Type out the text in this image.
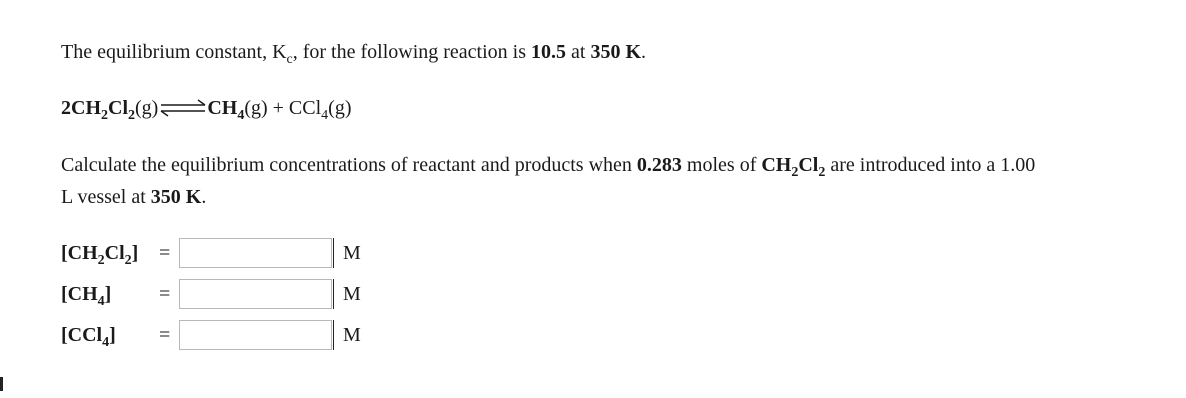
The equilibrium constant, $K_c$, for the following reaction is 10.5 at 350 K.
$2CH_2Cl_2(g)\rightleftharpoons CH_4(g) + CCl_4(g)$
Calculate the equilibrium concentrations of reactant and products when 0.283 moles of $CH_2Cl_2$ are introduced into a 1.00
L vessel at 350 K.
$[CH_2Cl_2]$ =	M
$[CH_4]$ =	M
[CCl$_4$] =	M
